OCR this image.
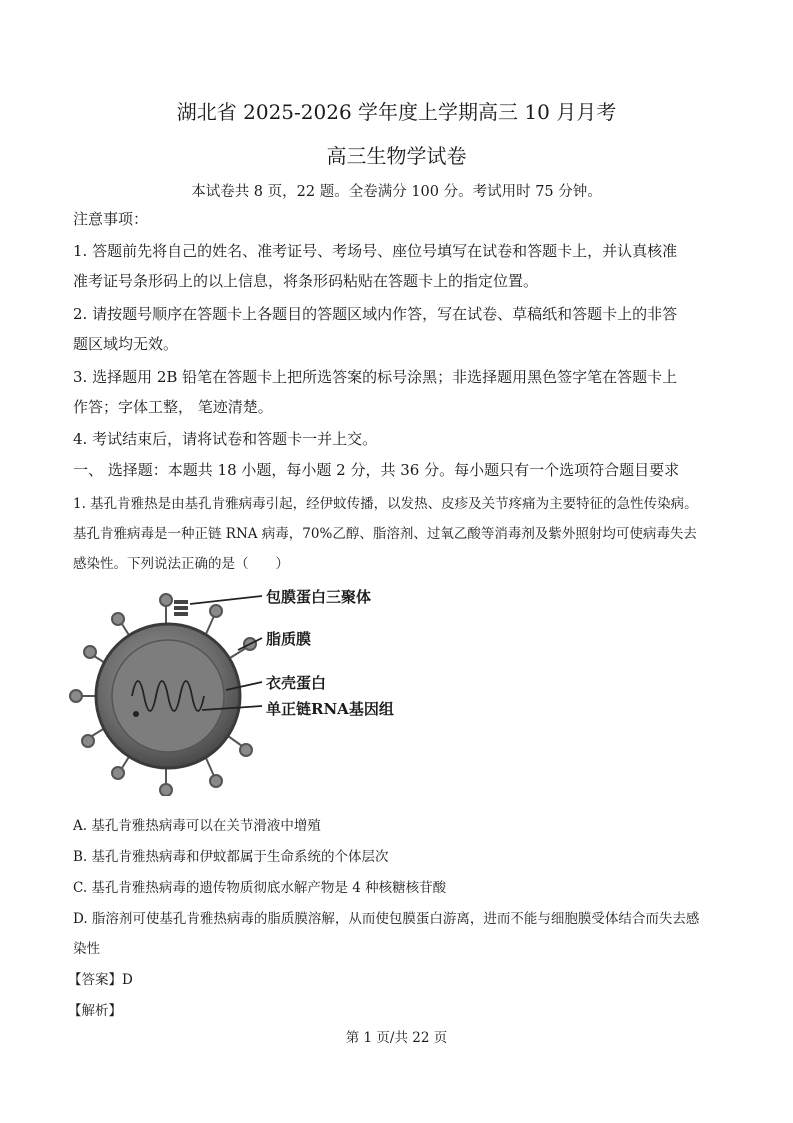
湖北省 2025-2026 学年度上学期高三 10 月月考
高三生物学试卷
本试卷共 8 页，22 题。全卷满分 100 分。考试用时 75 分钟。
注意事项：
1. 答题前先将自己的姓名、准考证号、考场号、座位号填写在试卷和答题卡上，并认真核准
准考证号条形码上的以上信息，将条形码粘贴在答题卡上的指定位置。
2. 请按题号顺序在答题卡上各题目的答题区域内作答，写在试卷、草稿纸和答题卡上的非答
题区域均无效。
3. 选择题用 2B 铅笔在答题卡上把所选答案的标号涂黑；非选择题用黑色签字笔在答题卡上
作答；字体工整， 笔迹清楚。
4. 考试结束后，请将试卷和答题卡一并上交。
一、 选择题：本题共 18 小题，每小题 2 分，共 36 分。每小题只有一个选项符合题目要求
1. 基孔肯雅热是由基孔肯雅病毒引起，经伊蚊传播，以发热、皮疹及关节疼痛为主要特征的急性传染病。
基孔肯雅病毒是一种正链 RNA 病毒，70%乙醇、脂溶剂、过氧乙酸等消毒剂及紫外照射均可使病毒失去
感染性。下列说法正确的是（　　）
包膜蛋白三聚体
脂质膜
衣壳蛋白
单正链RNA基因组
A. 基孔肯雅热病毒可以在关节滑液中增殖
B. 基孔肯雅热病毒和伊蚊都属于生命系统的个体层次
C. 基孔肯雅热病毒的遗传物质彻底水解产物是 4 种核糖核苷酸
D. 脂溶剂可使基孔肯雅热病毒的脂质膜溶解，从而使包膜蛋白游离，进而不能与细胞膜受体结合而失去感
染性
【答案】D
【解析】
第 1 页/共 22 页
